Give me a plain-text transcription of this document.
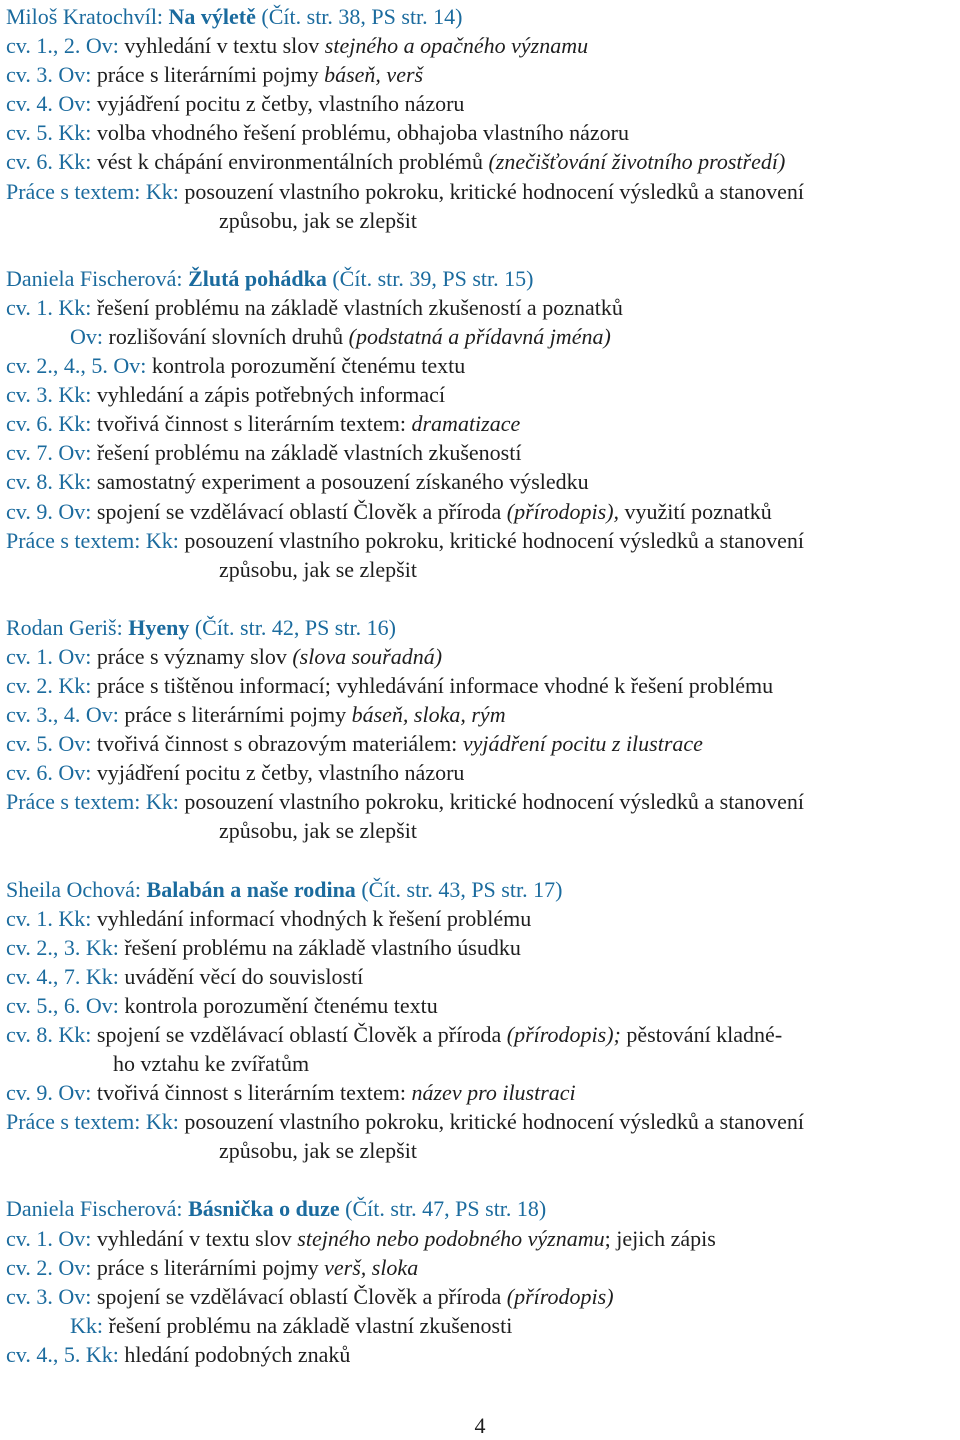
Miloš Kratochvíl: Na výletě (Čít. str. 38, PS str. 14)

cv. 1., 2. Ov: vyhledání v textu slov stejného a opačného významu

cv. 3. Ov: práce s literárními pojmy báseň, verš

cv. 4. Ov: vyjádření pocitu z četby, vlastního názoru

cv. 5. Kk: volba vhodného řešení problému, obhajoba vlastního názoru

cv. 6. Kk: vést k chápání environmentálních problémů (znečišťování životního prostředí)

Práce s textem: Kk: posouzení vlastního pokroku, kritické hodnocení výsledků a stanovení

způsobu, jak se zlepšit

Daniela Fischerová: Žlutá pohádka (Čít. str. 39, PS str. 15)

cv. 1. Kk: řešení problému na základě vlastních zkušeností a poznatků

Ov: rozlišování slovních druhů (podstatná a přídavná jména)

cv. 2., 4., 5. Ov: kontrola porozumění čtenému textu

cv. 3. Kk: vyhledání a zápis potřebných informací

cv. 6. Kk: tvořivá činnost s literárním textem: dramatizace

cv. 7. Ov: řešení problému na základě vlastních zkušeností

cv. 8. Kk: samostatný experiment a posouzení získaného výsledku

cv. 9. Ov: spojení se vzdělávací oblastí Člověk a příroda (přírodopis), využití poznatků

Práce s textem: Kk: posouzení vlastního pokroku, kritické hodnocení výsledků a stanovení

způsobu, jak se zlepšit

Rodan Geriš: Hyeny (Čít. str. 42, PS str. 16)

cv. 1. Ov: práce s významy slov (slova souřadná)

cv. 2. Kk: práce s tištěnou informací; vyhledávání informace vhodné k řešení problému

cv. 3., 4. Ov: práce s literárními pojmy báseň, sloka, rým

cv. 5. Ov: tvořivá činnost s obrazovým materiálem: vyjádření pocitu z ilustrace

cv. 6. Ov: vyjádření pocitu z četby, vlastního názoru

Práce s textem: Kk: posouzení vlastního pokroku, kritické hodnocení výsledků a stanovení

způsobu, jak se zlepšit

Sheila Ochová: Balabán a naše rodina (Čít. str. 43, PS str. 17)

cv. 1. Kk: vyhledání informací vhodných k řešení problému

cv. 2., 3. Kk: řešení problému na základě vlastního úsudku

cv. 4., 7. Kk: uvádění věcí do souvislostí

cv. 5., 6. Ov: kontrola porozumění čtenému textu

cv. 8. Kk: spojení se vzdělávací oblastí Člověk a příroda (přírodopis); pěstování kladné-

ho vztahu ke zvířatům

cv. 9. Ov: tvořivá činnost s literárním textem: název pro ilustraci

Práce s textem: Kk: posouzení vlastního pokroku, kritické hodnocení výsledků a stanovení

způsobu, jak se zlepšit

Daniela Fischerová: Básnička o duze (Čít. str. 47, PS str. 18)

cv. 1. Ov: vyhledání v textu slov stejného nebo podobného významu; jejich zápis

cv. 2. Ov: práce s literárními pojmy verš, sloka

cv. 3. Ov: spojení se vzdělávací oblastí Člověk a příroda (přírodopis)

Kk: řešení problému na základě vlastní zkušenosti

cv. 4., 5. Kk: hledání podobných znaků

4
